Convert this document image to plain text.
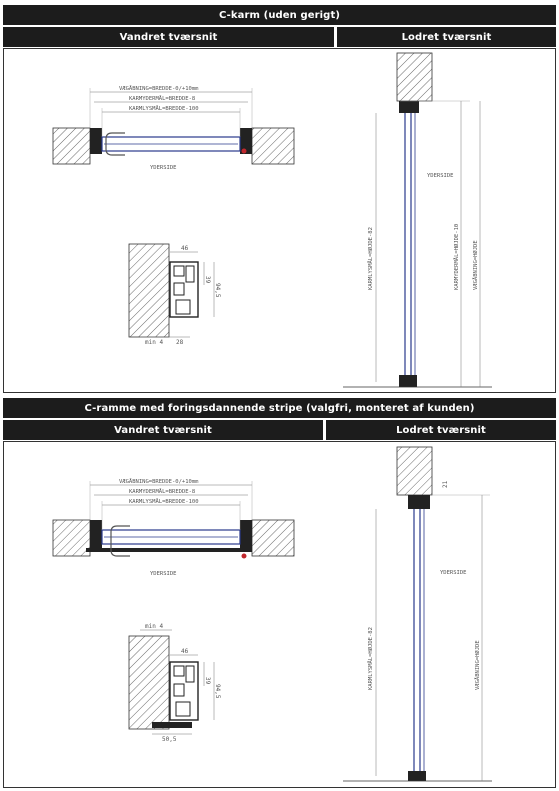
C-karm (uden gerigt)
Vandret tværsnit	Lodret tværsnit
VÆGÅBNING=BREDDE-0/+10mm
KARMYDERMÅL=BREDDE-8
KARMLYSMÅL=BREDDE-100
YDERSIDE
46
39
94,5
min 4 28
YDERSIDE
KARMLYSMÅL=HØJDE-82	KARMYDERMÅL=HØJDE-10 VÆGÅBNING=HØJDE
C-ramme med foringsdannende stripe (valgfri, monteret af kunden)
Vandret tværsnit	Lodret tværsnit
VÆGÅBNING=BREDDE-0/+10mm
KARMYDERMÅL=BREDDE-8
KARMLYSMÅL=BREDDE-100
YDERSIDE
min 4
46
39
94,5
50,5
21
YDERSIDE
KARMLYSMÅL=HØJDE-82	VÆGÅBNING=HØJDE
